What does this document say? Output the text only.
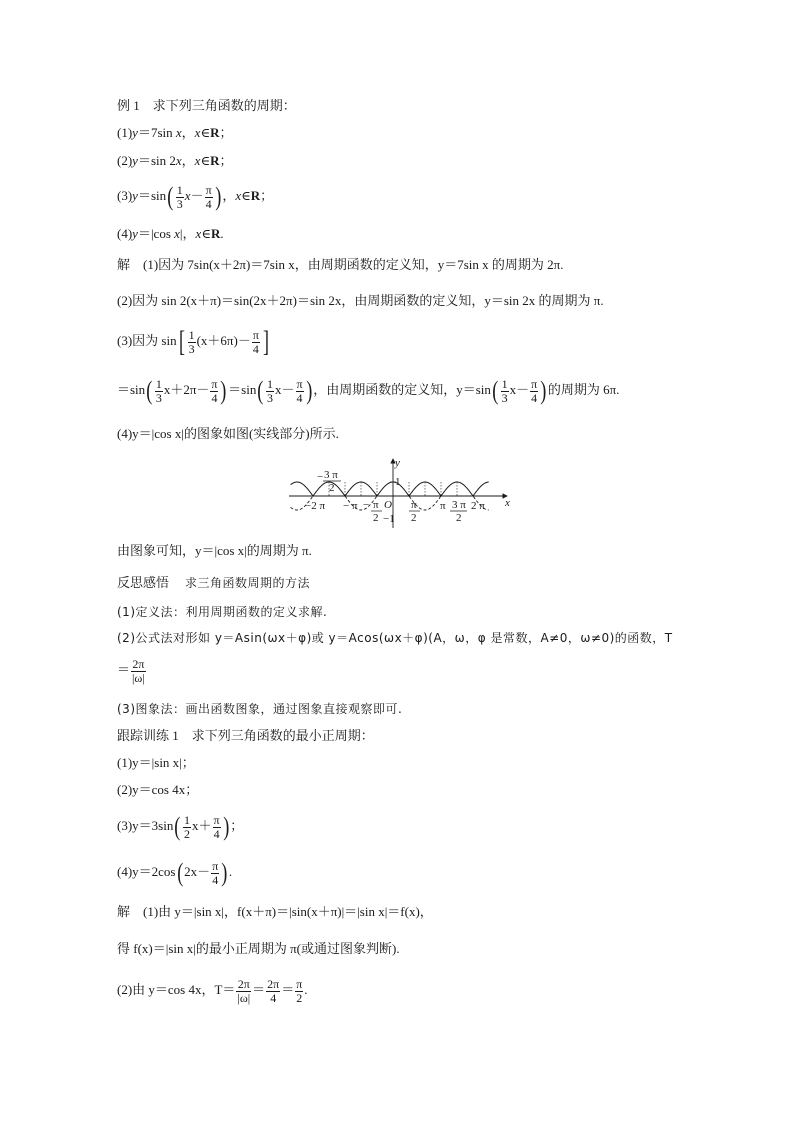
例 1　求下列三角函数的周期：
(1)y＝7sin x，x∈R；
(2)y＝sin 2x，x∈R；
$(3)y=\sin( \frac{1}{3} x- \frac{\pi}{4}$ )，x∈R；
(4)y＝|cos x|，x∈R.
解　(1)因为 7sin(x＋2π)＝7sin x，由周期函数的定义知，y＝7sin x 的周期为 2π.
(2)因为 sin 2(x＋π)＝sin(2x＋2π)＝sin 2x，由周期函数的定义知，y＝sin 2x 的周期为 π.
(3)因为 $\sin[ \frac{1}{3} (x+6\pi)- \frac{\pi}{4}$ ]
$=\sin( \frac{1}{3} x+2\pi- \frac{\pi}{4} )=\sin( \frac{1}{3} x- \frac{\pi}{4}$ )，由周期函数的定义知，$y=\sin( \frac{1}{3} x- \frac{\pi}{4}$ )的周期为 6π.
(4)y＝|cos x|的图象如图(实线部分)所示.
y
x
O
1
−1
−2 π − π	π 2 π
− 3 π
2
− π
2
π
2
3 π
2
由图象可知，y＝|cos x|的周期为 π.
反思感悟 求三角函数周期的方法
(1)定义法：利用周期函数的定义求解.
(2)公式法对形如 y＝Asin(ωx＋φ)或 y＝Acos(ωx＋φ)(A，ω，φ 是常数，A≠0，ω≠0)的函数，T
＝ $\frac{2\pi}{|\omega|}$
(3)图象法：画出函数图象，通过图象直接观察即可.
跟踪训练 1　求下列三角函数的最小正周期：
(1)y＝|sin x|；
(2)y＝cos 4x；
$(3)y=3\sin( \frac{1}{2} x+ \frac{\pi}{4}$ )；
$(4)y=2\cos(2x- \frac{\pi}{4}$ ).
解　(1)由 y＝|sin x|，f(x＋π)＝|sin(x＋π)|＝|sin x|＝f(x)，
得 f(x)＝|sin x|的最小正周期为 π(或通过图象判断).
(2)由 y＝cos 4x，$T= \frac{2\pi}{|\omega|} = \frac{2\pi}{4} = \frac{\pi}{2}$ .
